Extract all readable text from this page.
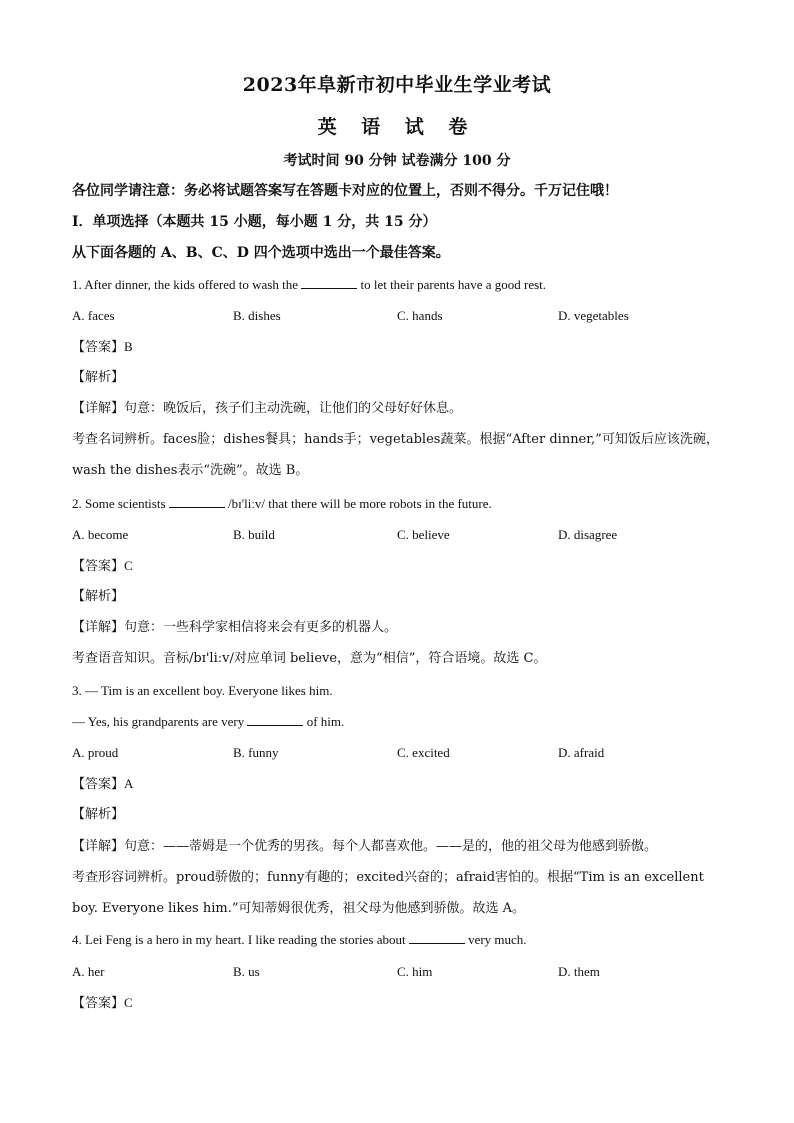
2023年阜新市初中毕业生学业考试
英 语 试 卷
考试时间 90 分钟 试卷满分 100 分
各位同学请注意：务必将试题答案写在答题卡对应的位置上，否则不得分。千万记住哦！
Ⅰ．单项选择（本题共 15 小题，每小题 1 分，共 15 分）
从下面各题的 A、B、C、D 四个选项中选出一个最佳答案。
1. After dinner, the kids offered to wash the	to let their parents have a good rest.
A. faces	B. dishes	C. hands	D. vegetables
【答案】B
【解析】
【详解】句意：晚饭后，孩子们主动洗碗，让他们的父母好好休息。
考查名词辨析。faces脸；dishes餐具；hands手；vegetables蔬菜。根据“After dinner,”可知饭后应该洗碗，
wash the dishes表示“洗碗”。故选 B。
2. Some scientists	/bɪ'liːv/ that there will be more robots in the future.
A. become	B. build	C. believe	D. disagree
【答案】C
【解析】
【详解】句意：一些科学家相信将来会有更多的机器人。
考查语音知识。音标/bɪ'liːv/对应单词 believe，意为“相信”，符合语境。故选 C。
3. — Tim is an excellent boy. Everyone likes him.
— Yes, his grandparents are very	of him.
A. proud	B. funny	C. excited	D. afraid
【答案】A
【解析】
【详解】句意：——蒂姆是一个优秀的男孩。每个人都喜欢他。——是的，他的祖父母为他感到骄傲。
考查形容词辨析。proud骄傲的；funny有趣的；excited兴奋的；afraid害怕的。根据“Tim is an excellent
boy. Everyone likes him.”可知蒂姆很优秀，祖父母为他感到骄傲。故选 A。
4. Lei Feng is a hero in my heart. I like reading the stories about	very much.
A. her	B. us	C. him	D. them
【答案】C
